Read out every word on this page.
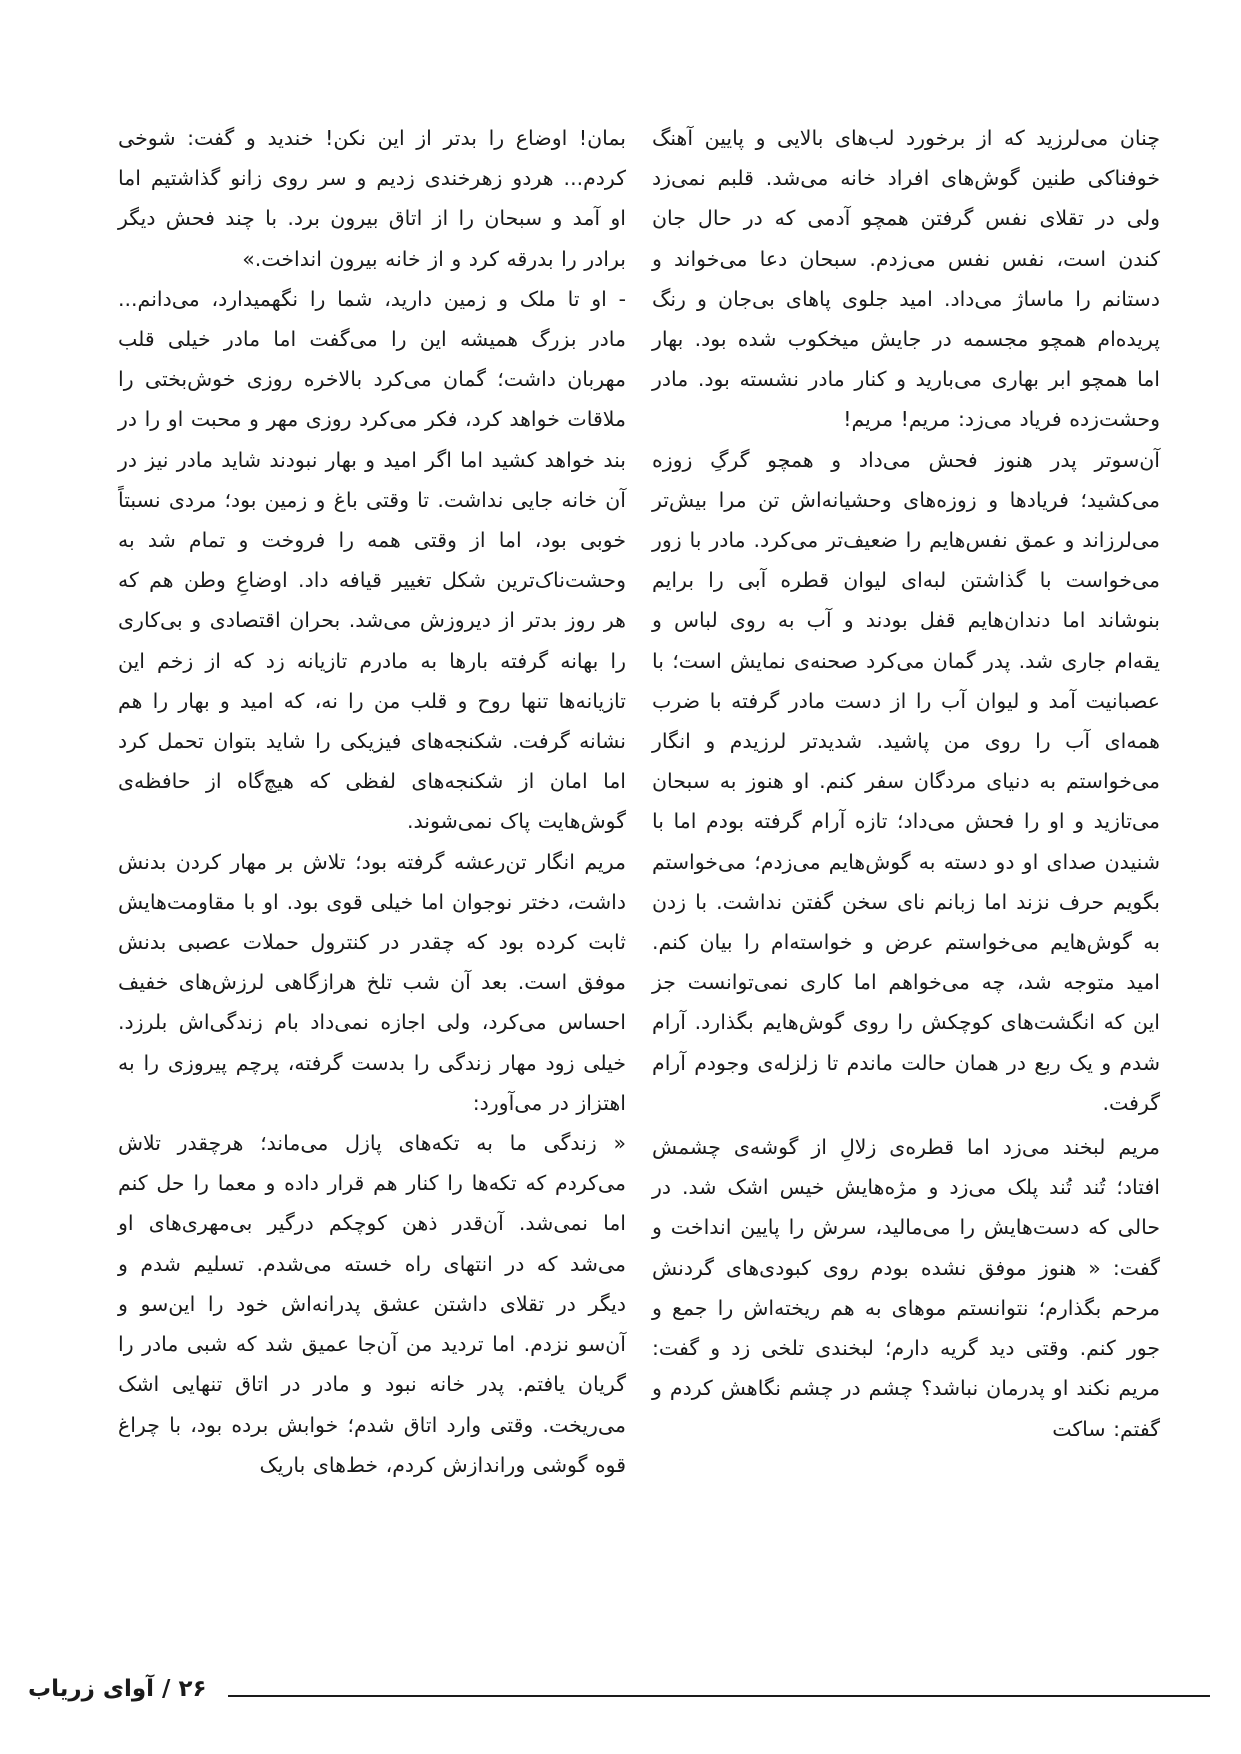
چنان می‌لرزید که از برخورد لب‌های بالایی و پایین آهنگ خوفناکی طنین گوش‌های افراد خانه می‌شد. قلبم نمی‌زد ولی در تقلای نفس گرفتن همچو آدمی که در حال جان کندن است، نفس نفس می‌زدم. سبحان دعا می‌خواند و دستانم را ماساژ می‌داد. امید جلوی پاهای بی‌جان و رنگ پریده‌ام همچو مجسمه در جایش میخکوب شده بود. بهار اما همچو ابر بهاری می‌بارید و کنار مادر نشسته بود. مادر وحشت‌زده فریاد می‌زد: مریم! مریم!

آن‌سوتر پدر هنوز فحش می‌داد و همچو گرگِ زوزه می‌کشید؛ فریادها و زوزه‌های وحشیانه‌اش تن مرا بیش‌تر می‌لرزاند و عمق نفس‌هایم را ضعیف‌تر می‌کرد. مادر با زور می‌خواست با گذاشتن لبه‌ای لیوان قطره آبی را برایم بنوشاند اما دندان‌هایم قفل بودند و آب به روی لباس و یقه‌ام جاری شد. پدر گمان می‌کرد صحنه‌ی نمایش است؛ با عصبانیت آمد و لیوان آب را از دست مادر گرفته با ضرب همه‌ای آب را روی من پاشید. شدیدتر لرزیدم و انگار می‌خواستم به دنیای مردگان سفر کنم. او هنوز به سبحان می‌تازید و او را فحش می‌داد؛ تازه آرام گرفته بودم اما با شنیدن صدای او دو دسته به گوش‌هایم می‌زدم؛ می‌خواستم بگویم حرف نزند اما زبانم نای سخن گفتن نداشت. با زدن به گوش‌هایم می‌خواستم عرض و خواسته‌ام را بیان کنم. امید متوجه شد، چه می‌خواهم اما کاری نمی‌توانست جز این که انگشت‌های کوچکش را روی گوش‌هایم بگذارد. آرام شدم و یک ربع در همان حالت ماندم تا زلزله‌ی وجودم آرام گرفت.

مریم لبخند می‌زد اما قطره‌ی زلالِ از گوشه‌ی چشمش افتاد؛ تُند تُند پلک می‌زد و مژه‌هایش خیس اشک شد. در حالی که دست‌هایش را می‌مالید، سرش را پایین انداخت و گفت: « هنوز موفق نشده بودم روی کبودی‌های گردنش مرحم بگذارم؛ نتوانستم موهای به هم ریخته‌اش را جمع و جور کنم. وقتی دید گریه دارم؛ لبخندی تلخی زد و گفت: مریم نکند او پدرمان نباشد؟ چشم در چشم نگاهش کردم و گفتم: ساکت

بمان! اوضاع را بدتر از این نکن! خندید و گفت: شوخی کردم... هردو زهرخندی زدیم و سر روی زانو گذاشتیم اما او آمد و سبحان را از اتاق بیرون برد. با چند فحش دیگر برادر را بدرقه کرد و از خانه بیرون انداخت.»

- او تا ملک و زمین دارید، شما را نگهمیدارد، می‌دانم... مادر بزرگ همیشه این را می‌گفت اما مادر خیلی قلب مهربان داشت؛ گمان می‌کرد بالاخره روزی خوش‌بختی را ملاقات خواهد کرد، فکر می‌کرد روزی مهر و محبت او را در بند خواهد کشید اما اگر امید و بهار نبودند شاید مادر نیز در آن خانه جایی نداشت. تا وقتی باغ و زمین بود؛ مردی نسبتاً خوبی بود، اما از وقتی همه را فروخت و تمام شد به وحشت‌ناک‌ترین شکل تغییر قیافه داد. اوضاعِ وطن هم که هر روز بدتر از دیروزش می‌شد. بحران اقتصادی و بی‌کاری را بهانه گرفته بارها به مادرم تازیانه زد که از زخم این تازیانه‌ها تنها روح و قلب من را نه، که امید و بهار را هم نشانه گرفت. شکنجه‌های فیزیکی را شاید بتوان تحمل کرد اما امان از شکنجه‌های لفظی که هیچ‌گاه از حافظه‌ی گوش‌هایت پاک نمی‌شوند.

مریم انگار تن‌رعشه گرفته بود؛ تلاش بر مهار کردن بدنش داشت، دختر نوجوان اما خیلی قوی بود. او با مقاومت‌هایش ثابت کرده بود که چقدر در کنترول حملات عصبی بدنش موفق است. بعد آن شب تلخ هرازگاهی لرزش‌های خفیف احساس می‌کرد، ولی اجازه نمی‌داد بام زندگی‌اش بلرزد. خیلی زود مهار زندگی را بدست گرفته، پرچم پیروزی را به اهتزاز در می‌آورد:

« زندگی ما به تکه‌های پازل می‌ماند؛ هرچقدر تلاش می‌کردم که تکه‌ها را کنار هم قرار داده و معما را حل کنم اما نمی‌شد. آن‌قدر ذهن کوچکم درگیر بی‌مهری‌های او می‌شد که در انتهای راه خسته می‌شدم. تسلیم شدم و دیگر در تقلای داشتن عشق پدرانه‌اش خود را این‌سو و آن‌سو نزدم. اما تردید من آن‌جا عمیق شد که شبی مادر را گریان یافتم. پدر خانه نبود و مادر در اتاق تنهایی اشک می‌ریخت. وقتی وارد اتاق شدم؛ خوابش برده بود، با چراغ قوه گوشی وراندازش کردم، خط‌های باریک

۲۶ / آوای زریاب
